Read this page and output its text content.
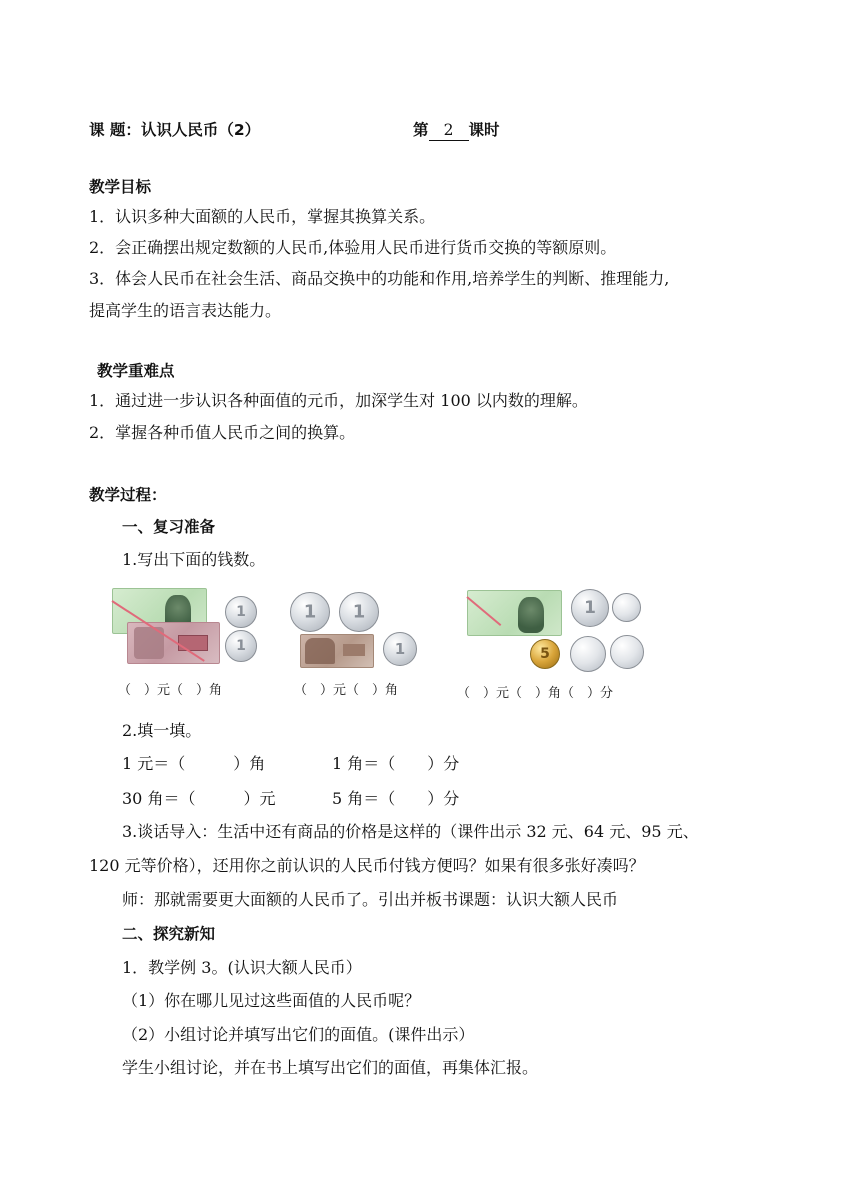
课 题：认识人民币（2）	第 2 课时
教学目标
1．认识多种大面额的人民币，掌握其换算关系。
2．会正确摆出规定数额的人民币,体验用人民币进行货币交换的等额原则。
3．体会人民币在社会生活、商品交换中的功能和作用,培养学生的判断、推理能力,
提高学生的语言表达能力。
教学重难点
1．通过进一步认识各种面值的元币，加深学生对 100 以内数的理解。
2．掌握各种币值人民币之间的换算。
教学过程：
一、复习准备
1.写出下面的钱数。
1
1
（　）元（　）角
1	1
1
（　）元（　）角
1
5
（　）元（　）角（　）分
2.填一填。
1 元＝（　　　）角	1 角＝（　　）分
30 角＝（　　　）元	5 角＝（　　）分
3.谈话导入：生活中还有商品的价格是这样的（课件出示 32 元、64 元、95 元、
120 元等价格），还用你之前认识的人民币付钱方便吗？如果有很多张好凑吗？
师：那就需要更大面额的人民币了。引出并板书课题：认识大额人民币
二、探究新知
1．教学例 3。(认识大额人民币）
（1）你在哪儿见过这些面值的人民币呢？
（2）小组讨论并填写出它们的面值。(课件出示）
学生小组讨论，并在书上填写出它们的面值，再集体汇报。
